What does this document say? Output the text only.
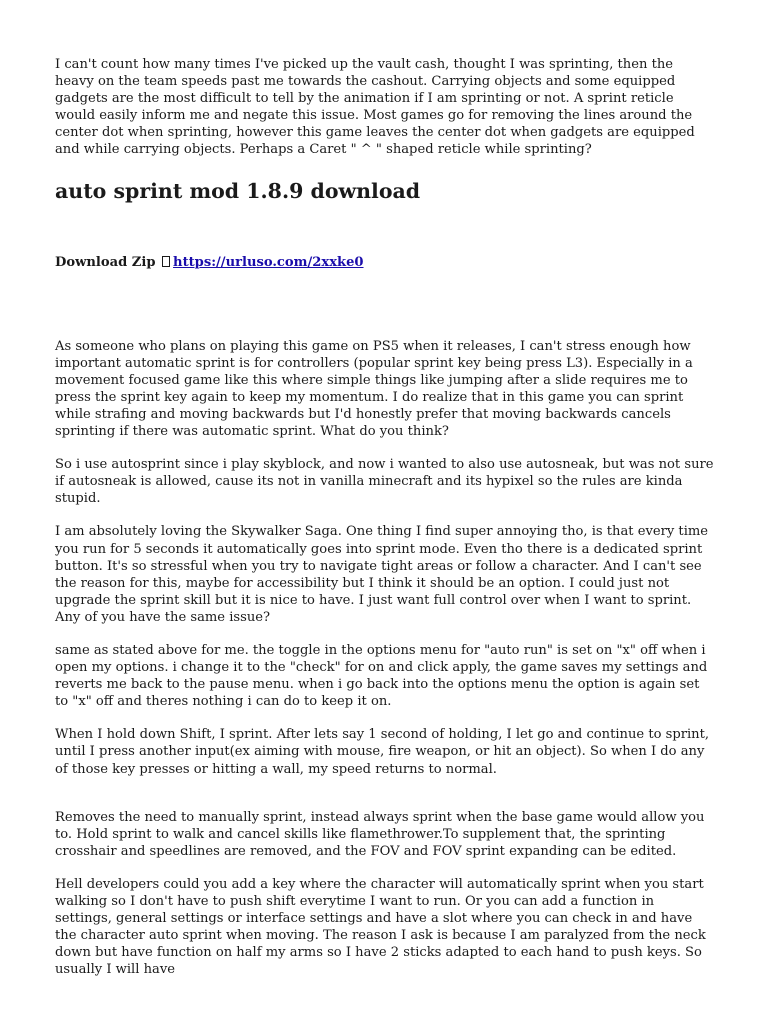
I can't count how many times I've picked up the vault cash, thought I was sprinting, then the heavy on the team speeds past me towards the cashout. Carrying objects and some equipped gadgets are the most difficult to tell by the animation if I am sprinting or not. A sprint reticle would easily inform me and negate this issue. Most games go for removing the lines around the center dot when sprinting, however this game leaves the center dot when gadgets are equipped and while carrying objects. Perhaps a Caret " ^ " shaped reticle while sprinting?

auto sprint mod 1.8.9 download
Download Zip https://urluso.com/2xxke0

As someone who plans on playing this game on PS5 when it releases, I can't stress enough how important automatic sprint is for controllers (popular sprint key being press L3). Especially in a movement focused game like this where simple things like jumping after a slide requires me to press the sprint key again to keep my momentum. I do realize that in this game you can sprint while strafing and moving backwards but I'd honestly prefer that moving backwards cancels sprinting if there was automatic sprint. What do you think?

So i use autosprint since i play skyblock, and now i wanted to also use autosneak, but was not sure if autosneak is allowed, cause its not in vanilla minecraft and its hypixel so the rules are kinda stupid.

I am absolutely loving the Skywalker Saga. One thing I find super annoying tho, is that every time you run for 5 seconds it automatically goes into sprint mode. Even tho there is a dedicated sprint button. It's so stressful when you try to navigate tight areas or follow a character. And I can't see the reason for this, maybe for accessibility but I think it should be an option. I could just not upgrade the sprint skill but it is nice to have. I just want full control over when I want to sprint. Any of you have the same issue?

same as stated above for me. the toggle in the options menu for "auto run" is set on "x" off when i open my options. i change it to the "check" for on and click apply, the game saves my settings and reverts me back to the pause menu. when i go back into the options menu the option is again set to "x" off and theres nothing i can do to keep it on.

When I hold down Shift, I sprint. After lets say 1 second of holding, I let go and continue to sprint, until I press another input(ex aiming with mouse, fire weapon, or hit an object). So when I do any of those key presses or hitting a wall, my speed returns to normal.

Removes the need to manually sprint, instead always sprint when the base game would allow you to. Hold sprint to walk and cancel skills like flamethrower.To supplement that, the sprinting crosshair and speedlines are removed, and the FOV and FOV sprint expanding can be edited.

Hell developers could you add a key where the character will automatically sprint when you start walking so I don't have to push shift everytime I want to run. Or you can add a function in settings, general settings or interface settings and have a slot where you can check in and have the character auto sprint when moving. The reason I ask is because I am paralyzed from the neck down but have function on half my arms so I have 2 sticks adapted to each hand to push keys. So usually I will have
